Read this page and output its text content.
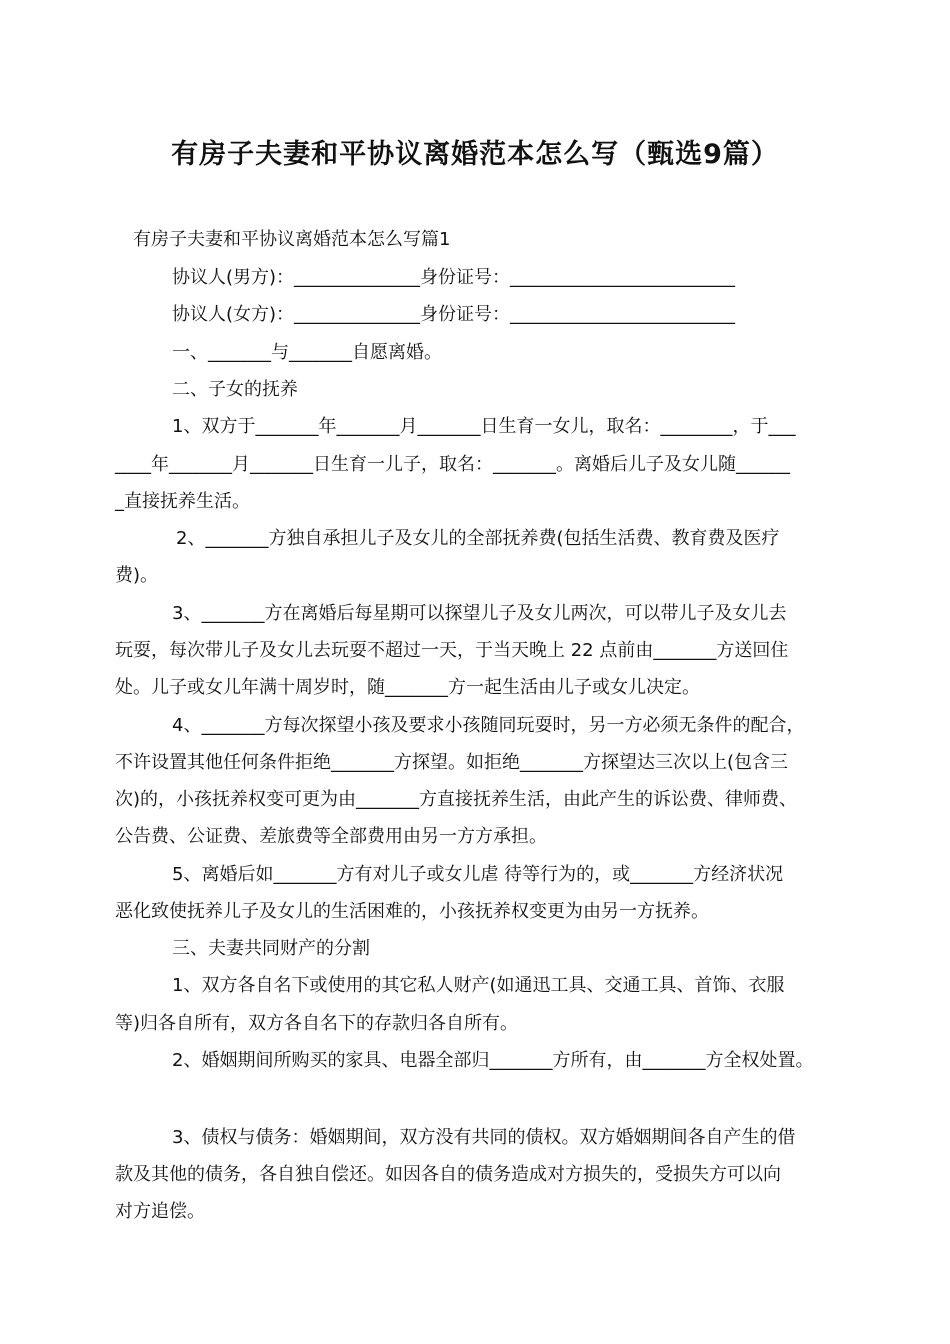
有房子夫妻和平协议离婚范本怎么写（甄选9篇）
有房子夫妻和平协议离婚范本怎么写篇1
协议人(男方)：______________身份证号：_________________________
协议人(女方)：______________身份证号：_________________________
一、_______与_______自愿离婚。
二、子女的抚养
1、双方于_______年_______月_______日生育一女儿，取名：________，于___
____年_______月_______日生育一儿子，取名：_______。离婚后儿子及女儿随______
_直接抚养生活。
2、_______方独自承担儿子及女儿的全部抚养费(包括生活费、教育费及医疗
费)。
3、_______方在离婚后每星期可以探望儿子及女儿两次，可以带儿子及女儿去
玩耍，每次带儿子及女儿去玩耍不超过一天，于当天晚上 22 点前由_______方送回住
处。儿子或女儿年满十周岁时，随_______方一起生活由儿子或女儿决定。
4、_______方每次探望小孩及要求小孩随同玩耍时，另一方必须无条件的配合，
不许设置其他任何条件拒绝_______方探望。如拒绝_______方探望达三次以上(包含三
次)的，小孩抚养权变可更为由_______方直接抚养生活，由此产生的诉讼费、律师费、
公告费、公证费、差旅费等全部费用由另一方方承担。
5、离婚后如_______方有对儿子或女儿虐 待等行为的，或_______方经济状况
恶化致使抚养儿子及女儿的生活困难的，小孩抚养权变更为由另一方抚养。
三、夫妻共同财产的分割
1、双方各自名下或使用的其它私人财产(如通迅工具、交通工具、首饰、衣服
等)归各自所有，双方各自名下的存款归各自所有。
2、婚姻期间所购买的家具、电器全部归_______方所有，由_______方全权处置。
3、债权与债务：婚姻期间，双方没有共同的债权。双方婚姻期间各自产生的借
款及其他的债务，各自独自偿还。如因各自的债务造成对方损失的，受损失方可以向
对方追偿。
